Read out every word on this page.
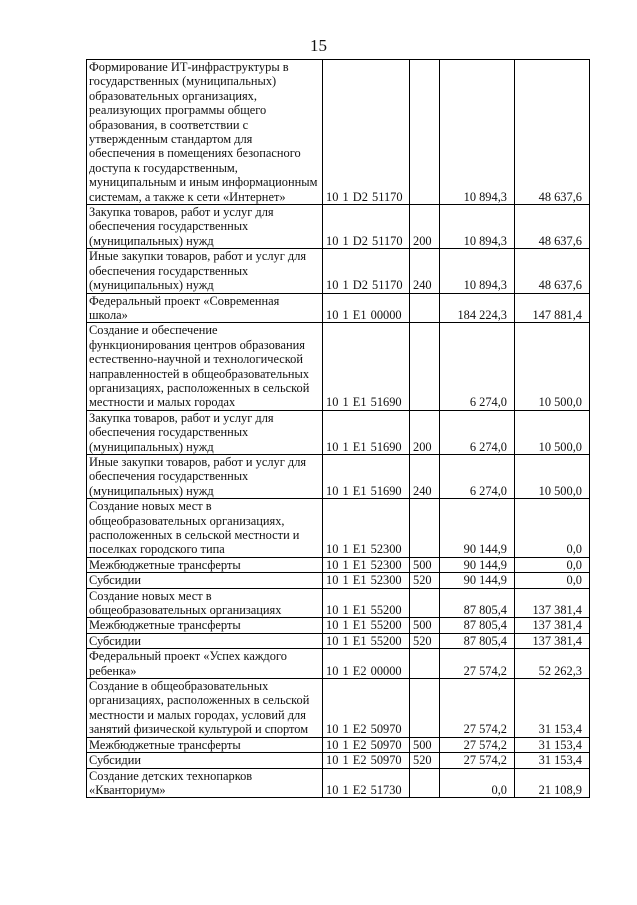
15
Формирование ИТ-инфраструктуры в государственных (муниципальных) образовательных организациях, реализующих программы общего образования, в соответствии с утвержденным стандартом для обеспечения в помещениях безопасного доступа к государственным, муниципальным и иным информационным системам, а также к сети «Интернет»	10 1 D2 51170		10 894,3	48 637,6

Закупка товаров, работ и услуг для обеспечения государственных (муниципальных) нужд	10 1 D2 51170	200	10 894,3	48 637,6

Иные закупки товаров, работ и услуг для обеспечения государственных (муниципальных) нужд	10 1 D2 51170	240	10 894,3	48 637,6

Федеральный проект «Современная школа»	10 1 E1 00000		184 224,3	147 881,4

Создание и обеспечение функционирования центров образования естественно-научной и технологической направленностей в общеобразовательных организациях, расположенных в сельской местности и малых городах	10 1 E1 51690		6 274,0	10 500,0

Закупка товаров, работ и услуг для обеспечения государственных (муниципальных) нужд	10 1 E1 51690	200	6 274,0	10 500,0

Иные закупки товаров, работ и услуг для обеспечения государственных (муниципальных) нужд	10 1 E1 51690	240	6 274,0	10 500,0

Создание новых мест в общеобразовательных организациях, расположенных в сельской местности и поселках городского типа	10 1 E1 52300		90 144,9	0,0

Межбюджетные трансферты	10 1 E1 52300	500	90 144,9	0,0

Субсидии	10 1 E1 52300	520	90 144,9	0,0

Создание новых мест в общеобразовательных организациях	10 1 E1 55200		87 805,4	137 381,4

Межбюджетные трансферты	10 1 E1 55200	500	87 805,4	137 381,4

Субсидии	10 1 E1 55200	520	87 805,4	137 381,4

Федеральный проект «Успех каждого ребенка»	10 1 E2 00000		27 574,2	52 262,3

Создание в общеобразовательных организациях, расположенных в сельской местности и малых городах, условий для занятий физической культурой и спортом	10 1 E2 50970		27 574,2	31 153,4

Межбюджетные трансферты	10 1 E2 50970	500	27 574,2	31 153,4

Субсидии	10 1 E2 50970	520	27 574,2	31 153,4

Создание детских технопарков «Кванториум»	10 1 E2 51730		0,0	21 108,9
